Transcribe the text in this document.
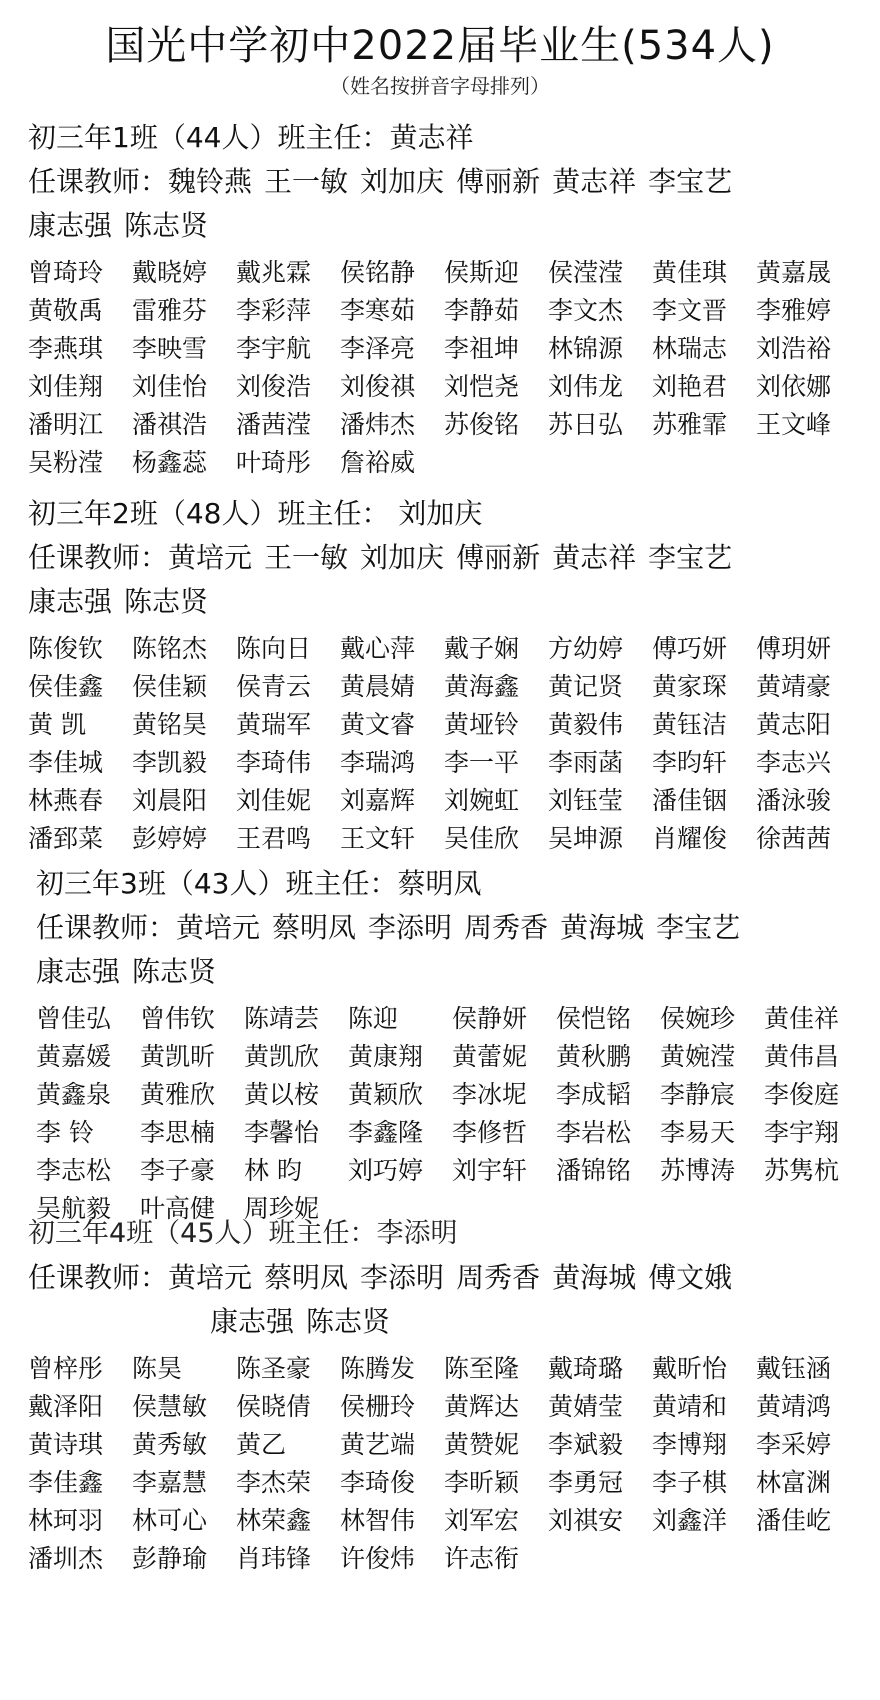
国光中学初中2022届毕业生(534人)
（姓名按拼音字母排列）
初三年1班（44人）班主任：黄志祥
任课教师：魏铃燕 王一敏 刘加庆 傅丽新 黄志祥 李宝艺
康志强 陈志贤
曾琦玲 戴晓婷 戴兆霖 侯铭静 侯斯迎 侯滢滢 黄佳琪 黄嘉晟黄敬禹 雷雅芬 李彩萍 李寒茹 李静茹 李文杰 李文晋 李雅婷李燕琪 李映雪 李宇航 李泽亮 李祖坤 林锦源 林瑞志 刘浩裕刘佳翔 刘佳怡 刘俊浩 刘俊祺 刘恺尧 刘伟龙 刘艳君 刘依娜潘明江 潘祺浩 潘茜滢 潘炜杰 苏俊铭 苏日弘 苏雅霏 王文峰吴粉滢 杨鑫蕊 叶琦彤 詹裕威
初三年2班（48人）班主任： 刘加庆
任课教师：黄培元 王一敏 刘加庆 傅丽新 黄志祥 李宝艺
康志强 陈志贤
陈俊钦 陈铭杰 陈向日 戴心萍 戴子娴 方幼婷 傅巧妍 傅玥妍侯佳鑫 侯佳颖 侯青云 黄晨婧 黄海鑫 黄记贤 黄家琛 黄靖豪黄 凯 黄铭昊 黄瑞军 黄文睿 黄垭铃 黄毅伟 黄钰洁 黄志阳李佳城 李凯毅 李琦伟 李瑞鸿 李一平 李雨菡 李昀轩 李志兴林燕春 刘晨阳 刘佳妮 刘嘉辉 刘婉虹 刘钰莹 潘佳铟 潘泳骏潘郅菜 彭婷婷 王君鸣 王文轩 吴佳欣 吴坤源 肖耀俊 徐茜茜
初三年3班（43人）班主任：蔡明凤
任课教师：黄培元 蔡明凤 李添明 周秀香 黄海城 李宝艺
康志强 陈志贤
曾佳弘 曾伟钦 陈靖芸 陈迎 侯静妍 侯恺铭 侯婉珍 黄佳祥黄嘉媛 黄凯昕 黄凯欣 黄康翔 黄蕾妮 黄秋鹏 黄婉滢 黄伟昌黄鑫泉 黄雅欣 黄以桉 黄颖欣 李冰坭 李成韬 李静宸 李俊庭李 铃 李思楠 李馨怡 李鑫隆 李修哲 李岩松 李易天 李宇翔李志松 李子豪 林 昀 刘巧婷 刘宇轩 潘锦铭 苏博涛 苏隽杭吴航毅 叶高健 周珍妮
初三年4班（45人）班主任：李添明
任课教师：黄培元 蔡明凤 李添明 周秀香 黄海城 傅文娥
康志强 陈志贤
曾梓彤 陈昊 陈圣豪 陈腾发 陈至隆 戴琦璐 戴昕怡 戴钰涵戴泽阳 侯慧敏 侯晓倩 侯栅玲 黄辉达 黄婧莹 黄靖和 黄靖鸿黄诗琪 黄秀敏 黄乙 黄艺端 黄赞妮 李斌毅 李博翔 李采婷李佳鑫 李嘉慧 李杰荣 李琦俊 李昕颖 李勇冠 李子棋 林富渊林珂羽 林可心 林荣鑫 林智伟 刘军宏 刘祺安 刘鑫洋 潘佳屹潘圳杰 彭静瑜 肖玮锋 许俊炜 许志衔
